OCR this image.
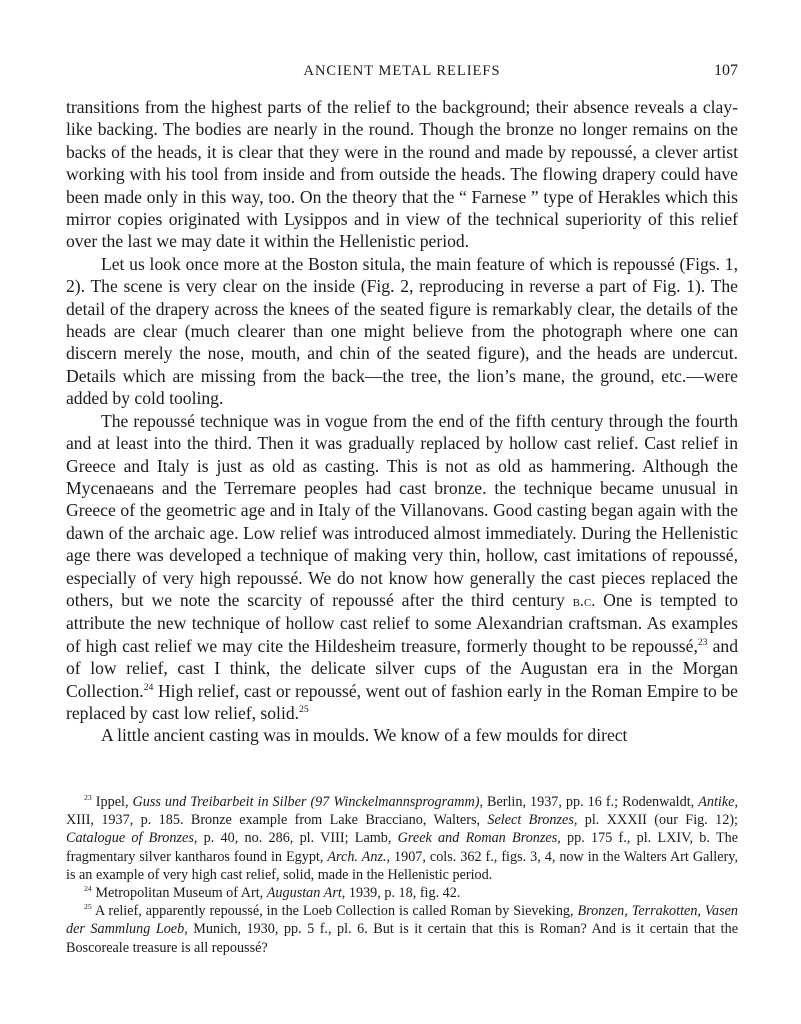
ANCIENT METAL RELIEFS	107

transitions from the highest parts of the relief to the background; their absence reveals a clay-like backing. The bodies are nearly in the round. Though the bronze no longer remains on the backs of the heads, it is clear that they were in the round and made by repoussé, a clever artist working with his tool from inside and from outside the heads. The flowing drapery could have been made only in this way, too. On the theory that the “ Farnese ” type of Herakles which this mirror copies originated with Lysippos and in view of the technical superiority of this relief over the last we may date it within the Hellenistic period.

Let us look once more at the Boston situla, the main feature of which is repoussé (Figs. 1, 2). The scene is very clear on the inside (Fig. 2, reproducing in reverse a part of Fig. 1). The detail of the drapery across the knees of the seated figure is remarkably clear, the details of the heads are clear (much clearer than one might believe from the photograph where one can discern merely the nose, mouth, and chin of the seated figure), and the heads are undercut. Details which are missing from the back—the tree, the lion’s mane, the ground, etc.—were added by cold tooling.

The repoussé technique was in vogue from the end of the fifth century through the fourth and at least into the third. Then it was gradually replaced by hollow cast relief. Cast relief in Greece and Italy is just as old as casting. This is not as old as hammering. Although the Mycenaeans and the Terremare peoples had cast bronze. the technique became unusual in Greece of the geometric age and in Italy of the Villanovans. Good casting began again with the dawn of the archaic age. Low relief was introduced almost immediately. During the Hellenistic age there was developed a technique of making very thin, hollow, cast imitations of repoussé, especially of very high repoussé. We do not know how generally the cast pieces replaced the others, but we note the scarcity of repoussé after the third century b.c. One is tempted to attribute the new technique of hollow cast relief to some Alexandrian craftsman. As examples of high cast relief we may cite the Hildesheim treasure, formerly thought to be repoussé,$^{23}$ and of low relief, cast I think, the delicate silver cups of the Augustan era in the Morgan Collection.$^{24}$ High relief, cast or repoussé, went out of fashion early in the Roman Empire to be replaced by cast low relief, solid.$^{25}$

A little ancient casting was in moulds. We know of a few moulds for direct

$^{23}$ Ippel, Guss und Treibarbeit in Silber (97 Winckelmannsprogramm), Berlin, 1937, pp. 16 f.; Rodenwaldt, Antike, XIII, 1937, p. 185. Bronze example from Lake Bracciano, Walters, Select Bronzes, pl. XXXII (our Fig. 12); Catalogue of Bronzes, p. 40, no. 286, pl. VIII; Lamb, Greek and Roman Bronzes, pp. 175 f., pl. LXIV, b. The fragmentary silver kantharos found in Egypt, Arch. Anz., 1907, cols. 362 f., figs. 3, 4, now in the Walters Art Gallery, is an example of very high cast relief, solid, made in the Hellenistic period.

$^{24}$ Metropolitan Museum of Art, Augustan Art, 1939, p. 18, fig. 42.

$^{25}$ A relief, apparently repoussé, in the Loeb Collection is called Roman by Sieveking, Bronzen, Terrakotten, Vasen der Sammlung Loeb, Munich, 1930, pp. 5 f., pl. 6. But is it certain that this is Roman? And is it certain that the Boscoreale treasure is all repoussé?
